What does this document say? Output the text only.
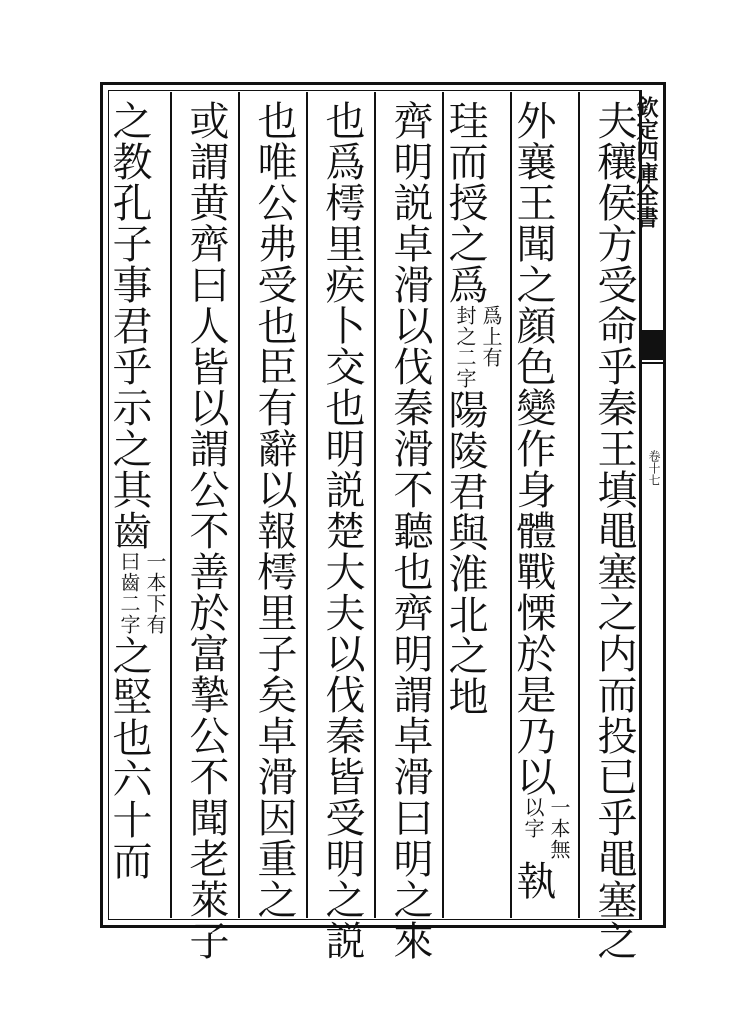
欽定四庫全書
卷十七
夫穰侯方受命乎秦王填黽塞之内而投已乎黽塞之
外襄王聞之顔色變作身體戰慄於是乃以
一本無
以字
執
珪而授之爲
爲上有
封之二字
陽陵君與淮北之地
齊明説卓滑以伐秦滑不聽也齊明謂卓滑曰明之來
也爲樗里疾卜交也明説楚大夫以伐秦皆受明之説
也唯公弗受也臣有辭以報樗里子矣卓滑因重之
或謂黄齊曰人皆以謂公不善於富摯公不聞老萊子
之教孔子事君乎示之其齒
一本下有
曰齒二字
之堅也六十而
